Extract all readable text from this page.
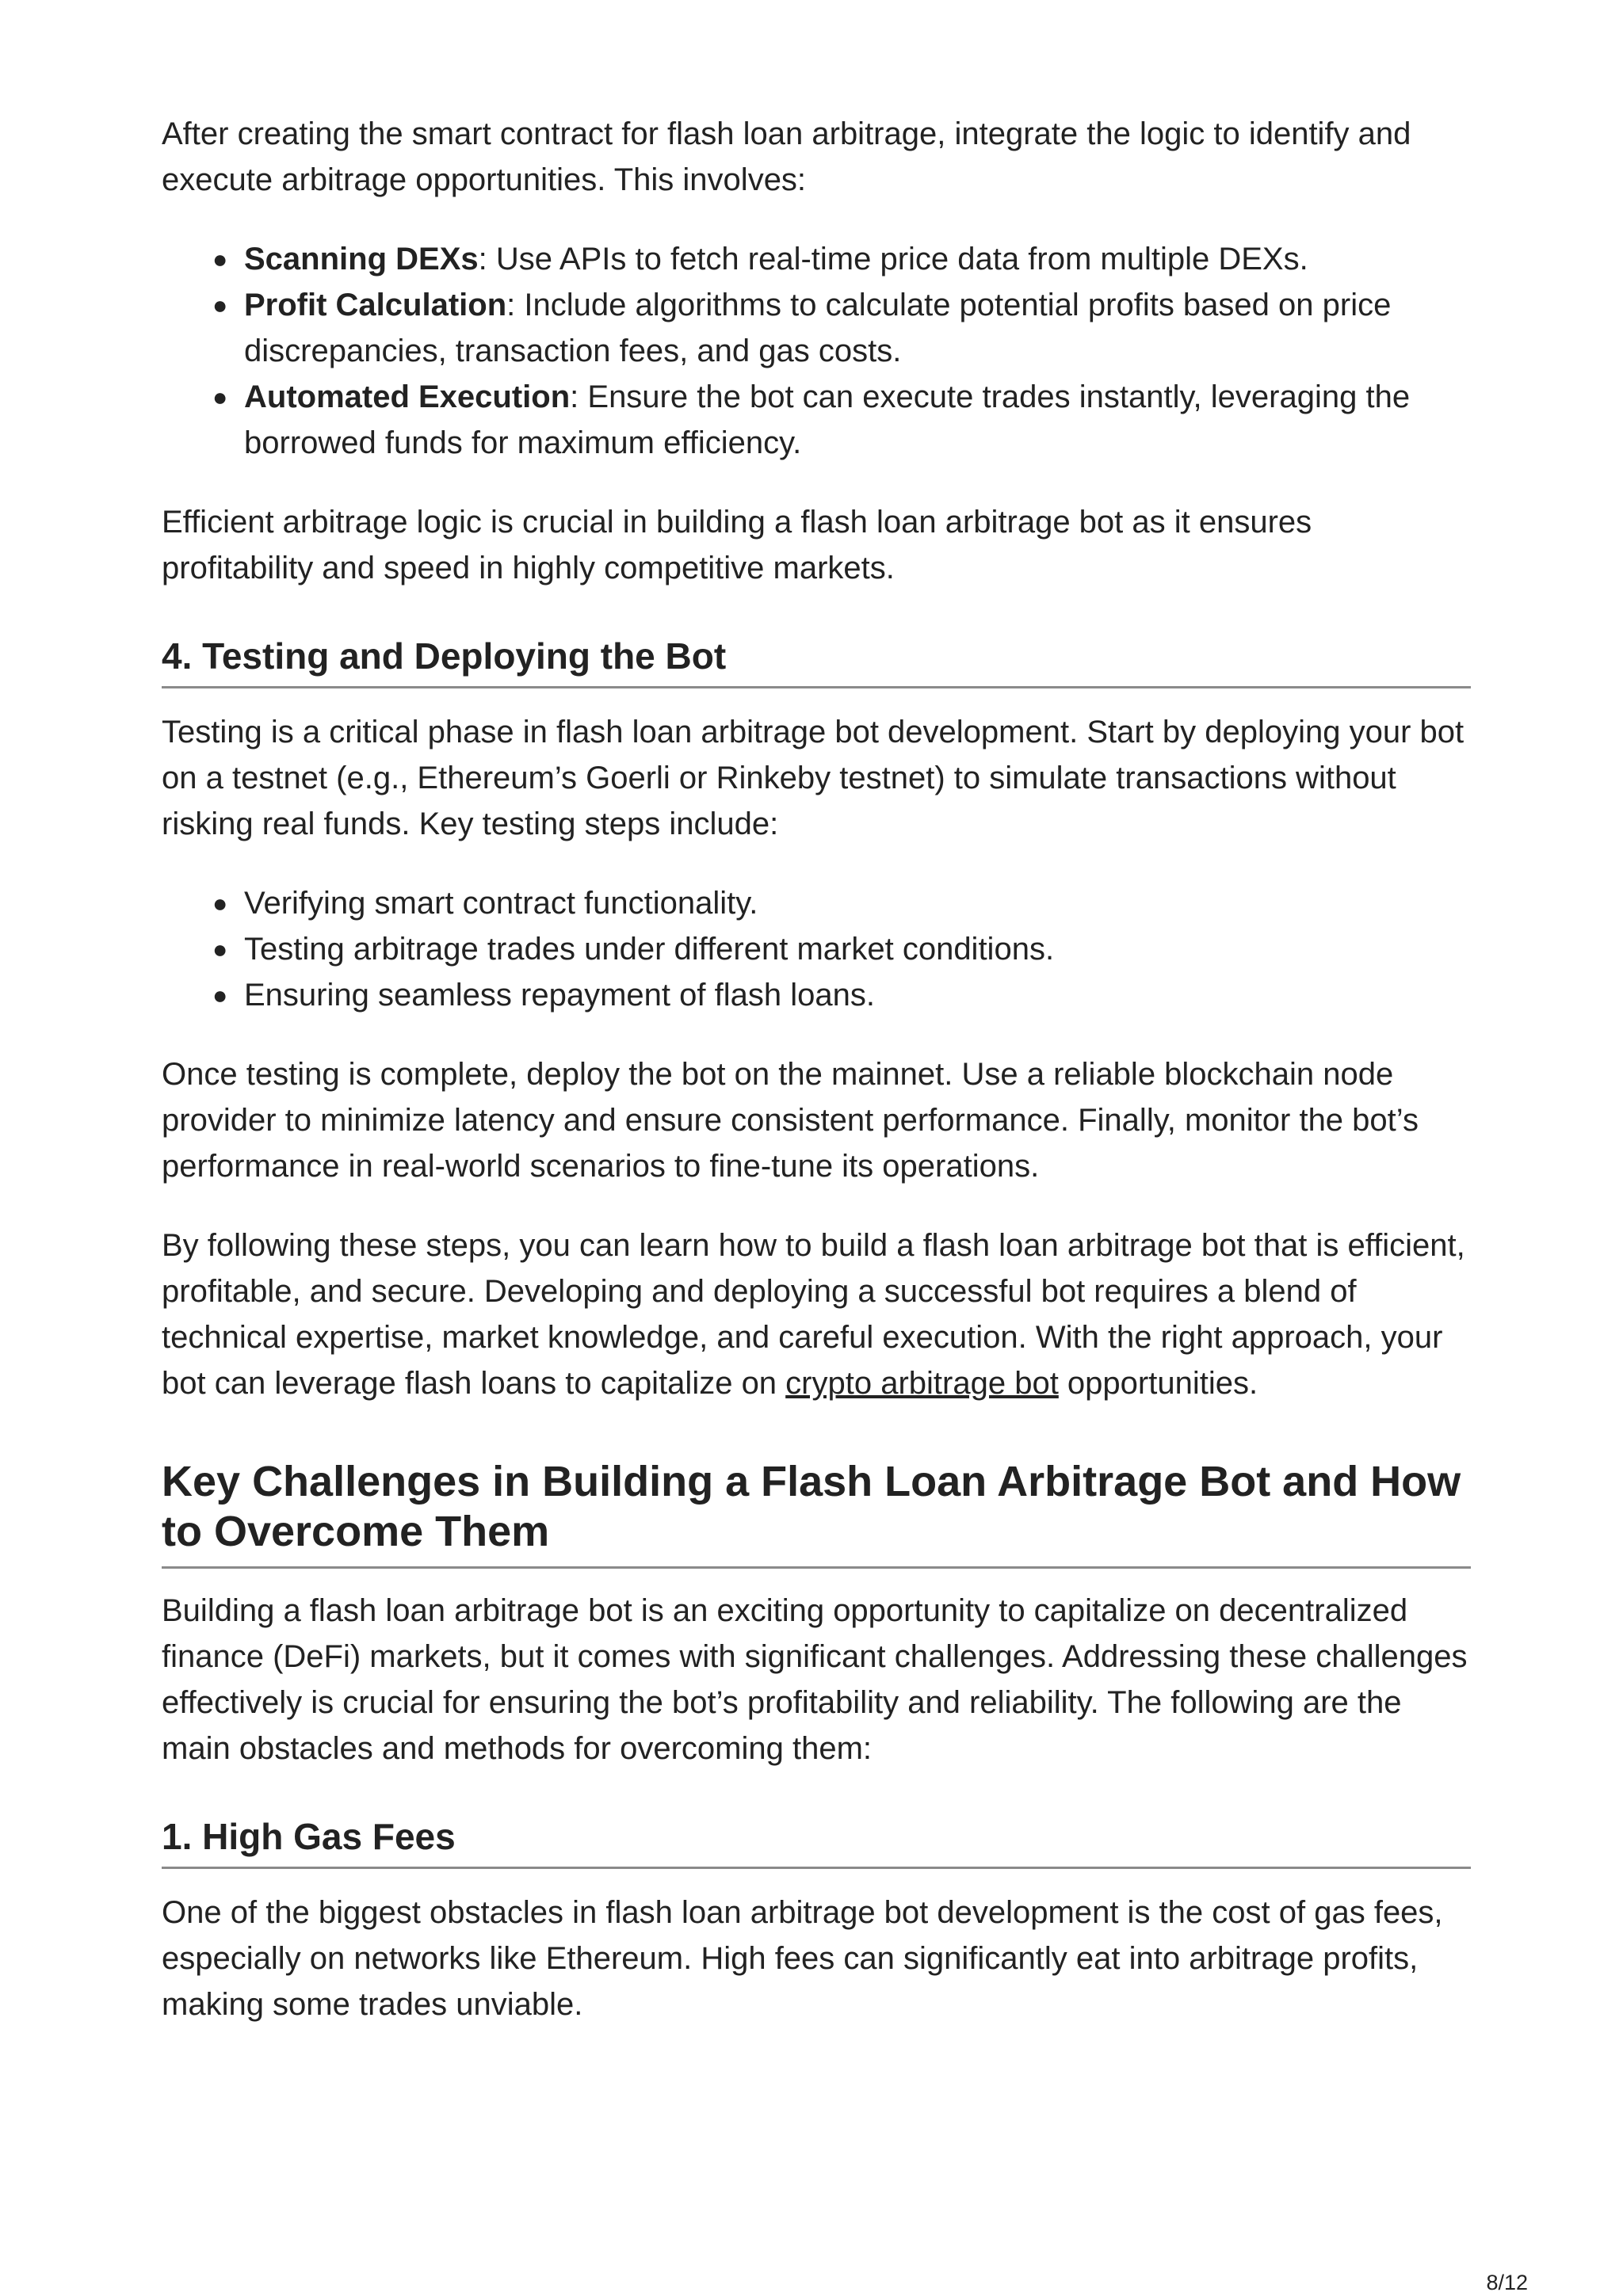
After creating the smart contract for flash loan arbitrage, integrate the logic to identify and execute arbitrage opportunities. This involves:

● Scanning DEXs: Use APIs to fetch real-time price data from multiple DEXs.
● Profit Calculation: Include algorithms to calculate potential profits based on price discrepancies, transaction fees, and gas costs.
● Automated Execution: Ensure the bot can execute trades instantly, leveraging the borrowed funds for maximum efficiency.

Efficient arbitrage logic is crucial in building a flash loan arbitrage bot as it ensures profitability and speed in highly competitive markets.

4. Testing and Deploying the Bot

Testing is a critical phase in flash loan arbitrage bot development. Start by deploying your bot on a testnet (e.g., Ethereum’s Goerli or Rinkeby testnet) to simulate transactions without risking real funds. Key testing steps include:

● Verifying smart contract functionality.
● Testing arbitrage trades under different market conditions.
● Ensuring seamless repayment of flash loans.

Once testing is complete, deploy the bot on the mainnet. Use a reliable blockchain node provider to minimize latency and ensure consistent performance. Finally, monitor the bot’s performance in real-world scenarios to fine-tune its operations.

By following these steps, you can learn how to build a flash loan arbitrage bot that is efficient, profitable, and secure. Developing and deploying a successful bot requires a blend of technical expertise, market knowledge, and careful execution. With the right approach, your bot can leverage flash loans to capitalize on crypto arbitrage bot opportunities.

Key Challenges in Building a Flash Loan Arbitrage Bot and How to Overcome Them

Building a flash loan arbitrage bot is an exciting opportunity to capitalize on decentralized finance (DeFi) markets, but it comes with significant challenges. Addressing these challenges effectively is crucial for ensuring the bot’s profitability and reliability. The following are the main obstacles and methods for overcoming them:

1. High Gas Fees

One of the biggest obstacles in flash loan arbitrage bot development is the cost of gas fees, especially on networks like Ethereum. High fees can significantly eat into arbitrage profits, making some trades unviable.

8/12
